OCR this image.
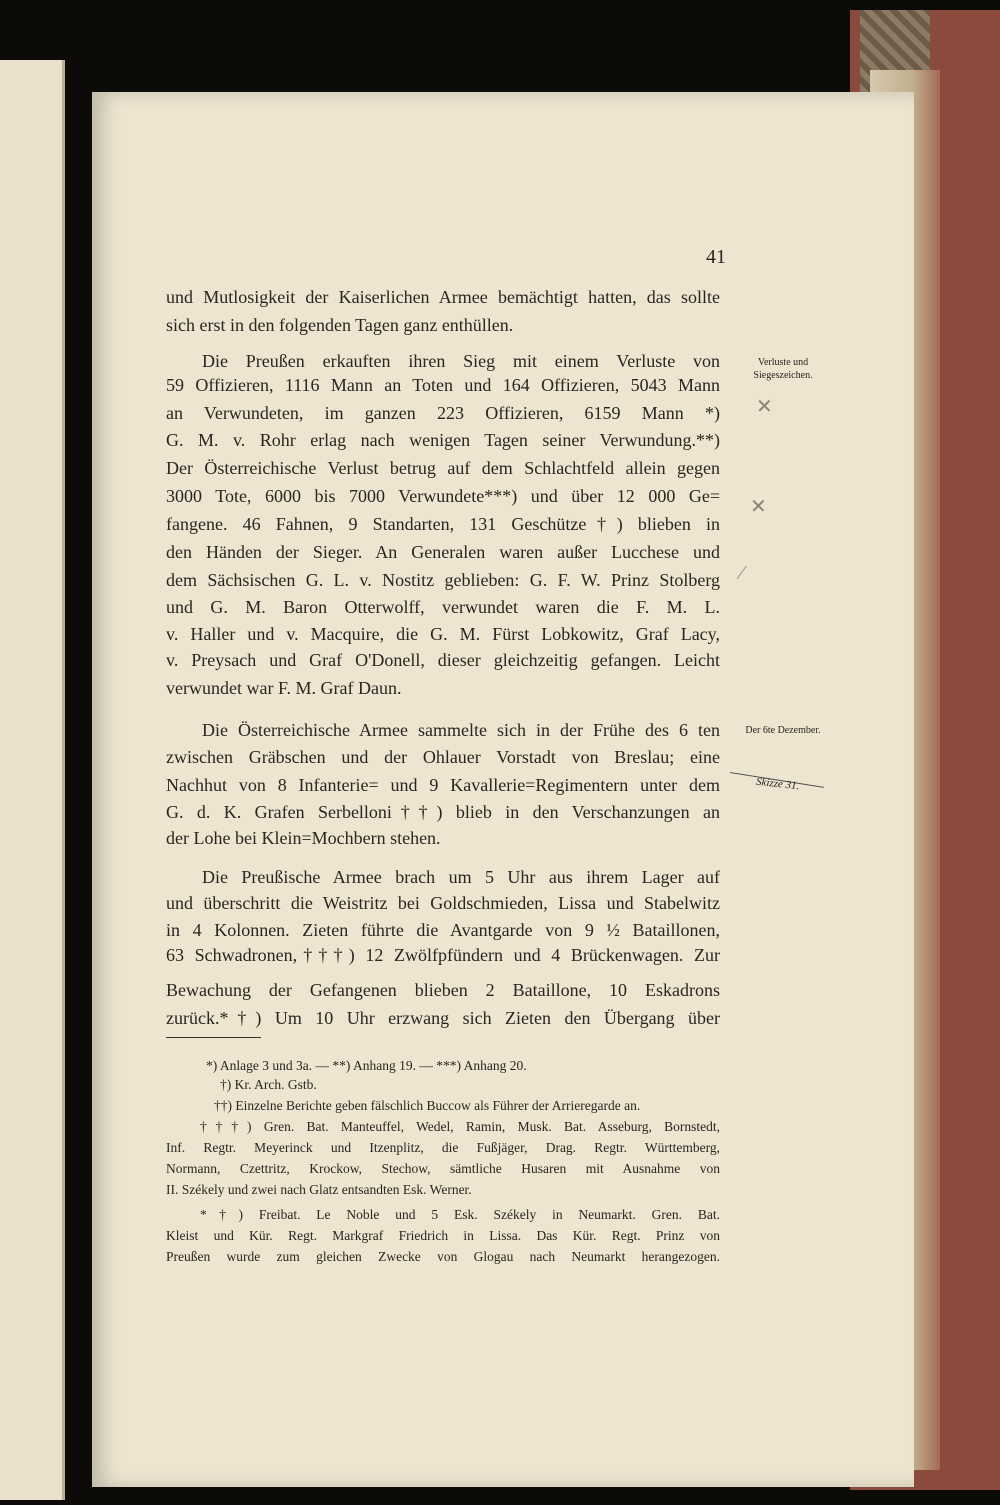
41
und Mutlosigkeit der Kaiserlichen Armee bemächtigt hatten, das sollte
sich erst in den folgenden Tagen ganz enthüllen.
Die Preußen erkauften ihren Sieg mit einem Verluste von
59 Offizieren, 1116 Mann an Toten und 164 Offizieren, 5043 Mann
an Verwundeten, im ganzen 223 Offizieren, 6159 Mann *)
G. M. v. Rohr erlag nach wenigen Tagen seiner Verwundung.**)
Der Österreichische Verlust betrug auf dem Schlachtfeld allein gegen
3000 Tote, 6000 bis 7000 Verwundete***) und über 12 000 Ge=
fangene. 46 Fahnen, 9 Standarten, 131 Geschütze†) blieben in
den Händen der Sieger. An Generalen waren außer Lucchese und
dem Sächsischen G. L. v. Nostitz geblieben: G. F. W. Prinz Stolberg
und G. M. Baron Otterwolff, verwundet waren die F. M. L.
v. Haller und v. Macquire, die G. M. Fürst Lobkowitz, Graf Lacy,
v. Preysach und Graf O'Donell, dieser gleichzeitig gefangen. Leicht
verwundet war F. M. Graf Daun.
Die Österreichische Armee sammelte sich in der Frühe des 6 ten
zwischen Gräbschen und der Ohlauer Vorstadt von Breslau; eine
Nachhut von 8 Infanterie= und 9 Kavallerie=Regimentern unter dem
G. d. K. Grafen Serbelloni††) blieb in den Verschanzungen an
der Lohe bei Klein=Mochbern stehen.
Die Preußische Armee brach um 5 Uhr aus ihrem Lager auf
und überschritt die Weistritz bei Goldschmieden, Lissa und Stabelwitz
in 4 Kolonnen. Zieten führte die Avantgarde von 9 ½ Bataillonen,
63 Schwadronen,†††) 12 Zwölfpfündern und 4 Brückenwagen. Zur
Bewachung der Gefangenen blieben 2 Bataillone, 10 Eskadrons
zurück.*†) Um 10 Uhr erzwang sich Zieten den Übergang über
Verluste und Siegeszeichen.
Der 6te Dezember.
Skizze 31.
✕
✕
⁄
*) Anlage 3 und 3a. — **) Anhang 19. — ***) Anhang 20.
†) Kr. Arch. Gstb.
††) Einzelne Berichte geben fälschlich Buccow als Führer der Arrieregarde an.
†††) Gren. Bat. Manteuffel, Wedel, Ramin, Musk. Bat. Asseburg, Bornstedt,
Inf. Regtr. Meyerinck und Itzenplitz, die Fußjäger, Drag. Regtr. Württemberg,
Normann, Czettritz, Krockow, Stechow, sämtliche Husaren mit Ausnahme von
II. Székely und zwei nach Glatz entsandten Esk. Werner.
*†) Freibat. Le Noble und 5 Esk. Székely in Neumarkt. Gren. Bat.
Kleist und Kür. Regt. Markgraf Friedrich in Lissa. Das Kür. Regt. Prinz von
Preußen wurde zum gleichen Zwecke von Glogau nach Neumarkt herangezogen.
